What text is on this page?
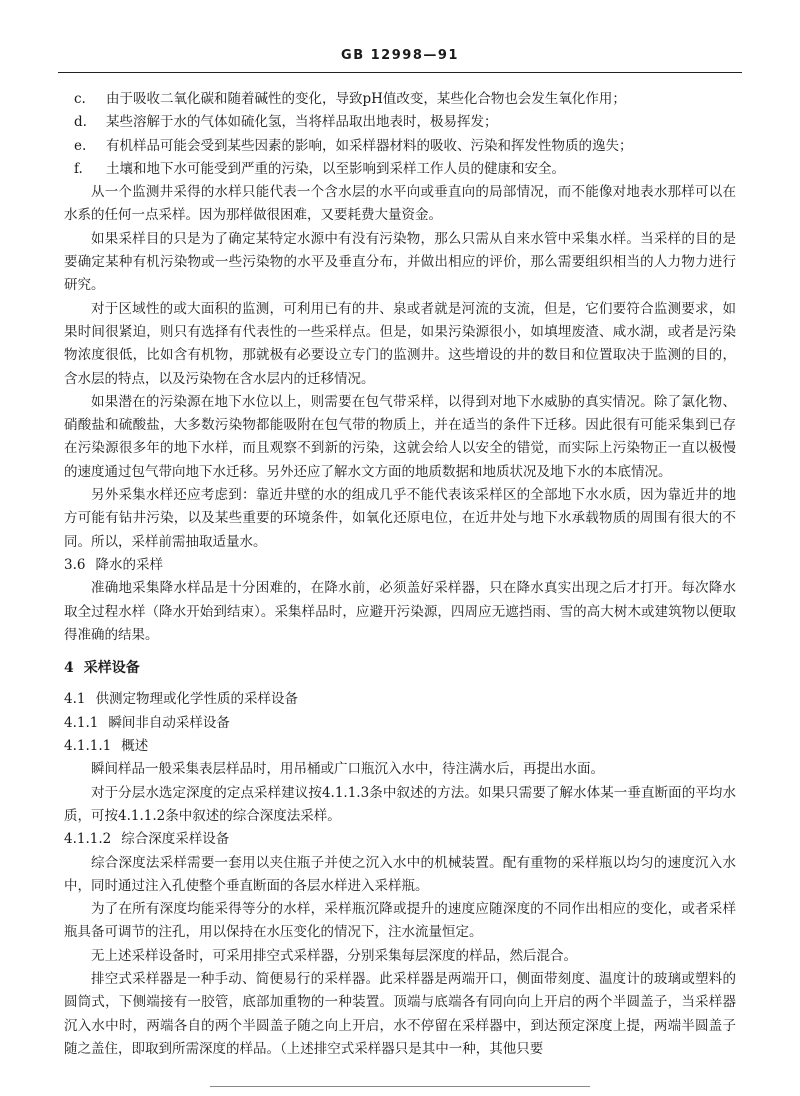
GB 12998—91
c. 由于吸收二氧化碳和随着碱性的变化，导致pH值改变，某些化合物也会发生氧化作用；
d. 某些溶解于水的气体如硫化氢，当将样品取出地表时，极易挥发；
e. 有机样品可能会受到某些因素的影响，如采样器材料的吸收、污染和挥发性物质的逸失；
f. 土壤和地下水可能受到严重的污染，以至影响到采样工作人员的健康和安全。

从一个监测井采得的水样只能代表一个含水层的水平向或垂直向的局部情况，而不能像对地表水那样可以在水系的任何一点采样。因为那样做很困难，又要耗费大量资金。

如果采样目的只是为了确定某特定水源中有没有污染物，那么只需从自来水管中采集水样。当采样的目的是要确定某种有机污染物或一些污染物的水平及垂直分布，并做出相应的评价，那么需要组织相当的人力物力进行研究。

对于区域性的或大面积的监测，可利用已有的井、泉或者就是河流的支流，但是，它们要符合监测要求，如果时间很紧迫，则只有选择有代表性的一些采样点。但是，如果污染源很小，如填埋废渣、咸水湖，或者是污染物浓度很低，比如含有机物，那就极有必要设立专门的监测井。这些增设的井的数目和位置取决于监测的目的，含水层的特点，以及污染物在含水层内的迁移情况。

如果潜在的污染源在地下水位以上，则需要在包气带采样，以得到对地下水威胁的真实情况。除了氯化物、硝酸盐和硫酸盐，大多数污染物都能吸附在包气带的物质上，并在适当的条件下迁移。因此很有可能采集到已存在污染源很多年的地下水样，而且观察不到新的污染，这就会给人以安全的错觉，而实际上污染物正一直以极慢的速度通过包气带向地下水迁移。另外还应了解水文方面的地质数据和地质状况及地下水的本底情况。

另外采集水样还应考虑到：靠近井壁的水的组成几乎不能代表该采样区的全部地下水水质，因为靠近井的地方可能有钻井污染，以及某些重要的环境条件，如氧化还原电位，在近井处与地下水承载物质的周围有很大的不同。所以，采样前需抽取适量水。

3.6 降水的采样

准确地采集降水样品是十分困难的，在降水前，必须盖好采样器，只在降水真实出现之后才打开。每次降水取全过程水样（降水开始到结束）。采集样品时，应避开污染源，四周应无遮挡雨、雪的高大树木或建筑物以便取得准确的结果。

4 采样设备

4.1 供测定物理或化学性质的采样设备

4.1.1 瞬间非自动采样设备

4.1.1.1 概述

瞬间样品一般采集表层样品时，用吊桶或广口瓶沉入水中，待注满水后，再提出水面。

对于分层水选定深度的定点采样建议按4.1.1.3条中叙述的方法。如果只需要了解水体某一垂直断面的平均水质，可按4.1.1.2条中叙述的综合深度法采样。

4.1.1.2 综合深度采样设备

综合深度法采样需要一套用以夹住瓶子并使之沉入水中的机械装置。配有重物的采样瓶以均匀的速度沉入水中，同时通过注入孔使整个垂直断面的各层水样进入采样瓶。

为了在所有深度均能采得等分的水样，采样瓶沉降或提升的速度应随深度的不同作出相应的变化，或者采样瓶具备可调节的注孔，用以保持在水压变化的情况下，注水流量恒定。

无上述采样设备时，可采用排空式采样器，分别采集每层深度的样品，然后混合。

排空式采样器是一种手动、简便易行的采样器。此采样器是两端开口，侧面带刻度、温度计的玻璃或塑料的圆筒式，下侧端接有一胶管，底部加重物的一种装置。顶端与底端各有同向向上开启的两个半圆盖子，当采样器沉入水中时，两端各自的两个半圆盖子随之向上开启，水不停留在采样器中，到达预定深度上提，两端半圆盖子随之盖住，即取到所需深度的样品。（上述排空式采样器只是其中一种，其他只要
